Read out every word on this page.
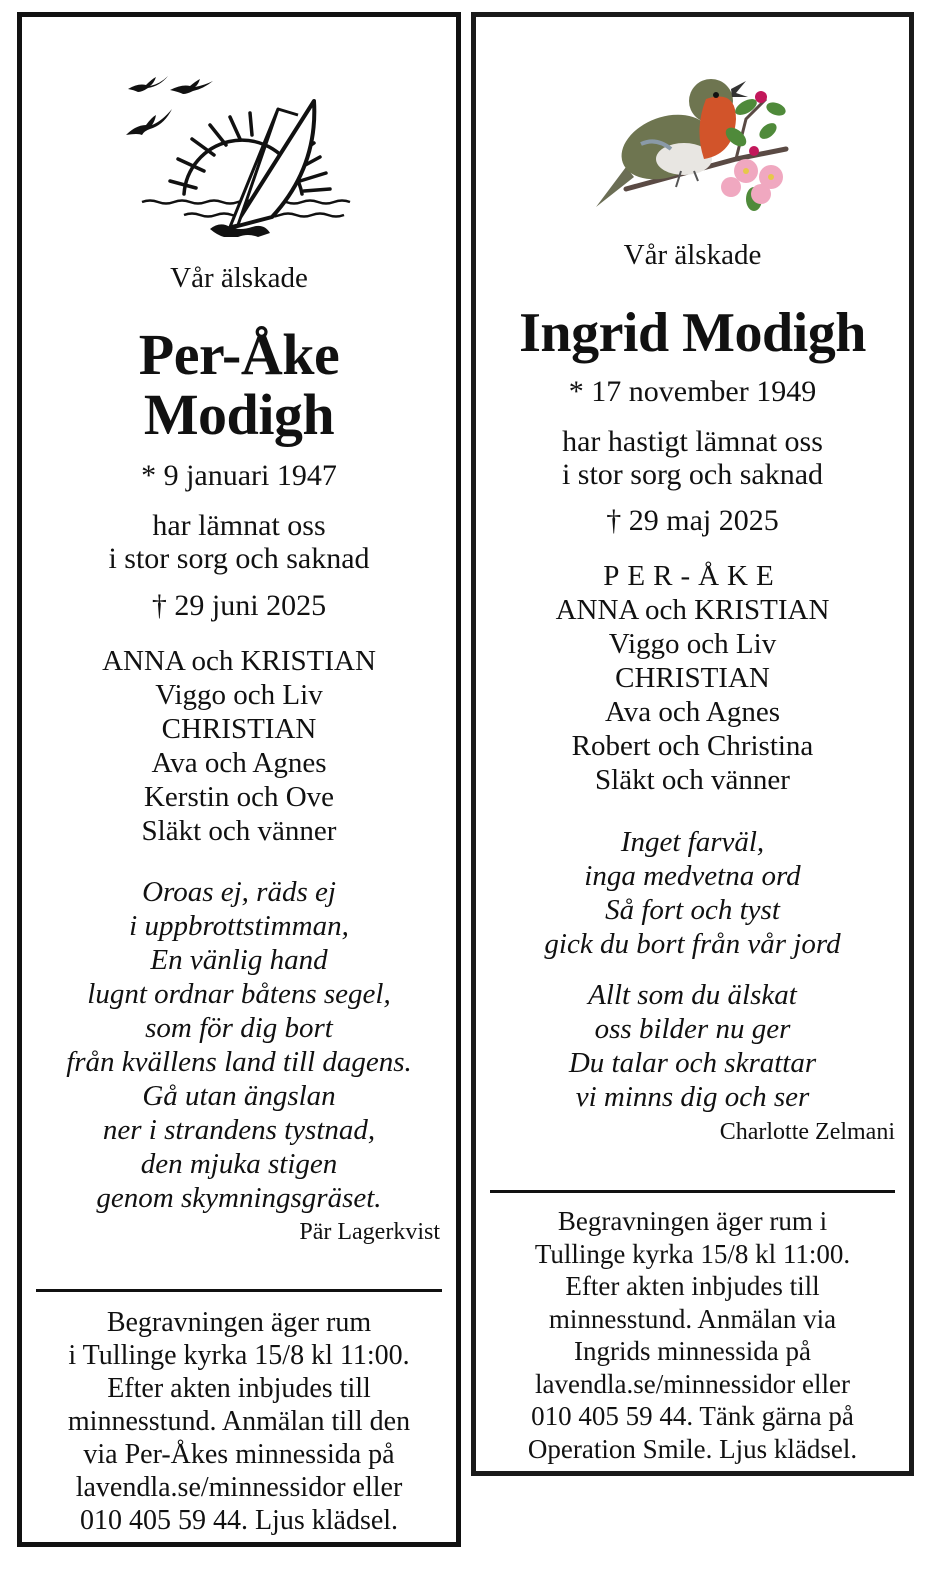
Vår älskade
Per-Åke
Modigh
* 9 januari 1947
har lämnat oss
i stor sorg och saknad
† 29 juni 2025
ANNA och KRISTIAN
Viggo och Liv
CHRISTIAN
Ava och Agnes
Kerstin och Ove
Släkt och vänner
Oroas ej, räds ej
i uppbrottstimman,
En vänlig hand
lugnt ordnar båtens segel,
som för dig bort
från kvällens land till dagens.
Gå utan ängslan
ner i strandens tystnad,
den mjuka stigen
genom skymningsgräset.
Pär Lagerkvist
Begravningen äger rum
i Tullinge kyrka 15/8 kl 11:00.
Efter akten inbjudes till
minnesstund. Anmälan till den
via Per-Åkes minnessida på
lavendla.se/minnessidor eller
010 405 59 44. Ljus klädsel.
Vår älskade
Ingrid Modigh
* 17 november 1949
har hastigt lämnat oss
i stor sorg och saknad
† 29 maj 2025
PER-ÅKE
ANNA och KRISTIAN
Viggo och Liv
CHRISTIAN
Ava och Agnes
Robert och Christina
Släkt och vänner
Inget farväl,
inga medvetna ord
Så fort och tyst
gick du bort från vår jord
Allt som du älskat
oss bilder nu ger
Du talar och skrattar
vi minns dig och ser
Charlotte Zelmani
Begravningen äger rum i
Tullinge kyrka 15/8 kl 11:00.
Efter akten inbjudes till
minnesstund. Anmälan via
Ingrids minnessida på
lavendla.se/minnessidor eller
010 405 59 44. Tänk gärna på
Operation Smile. Ljus klädsel.
